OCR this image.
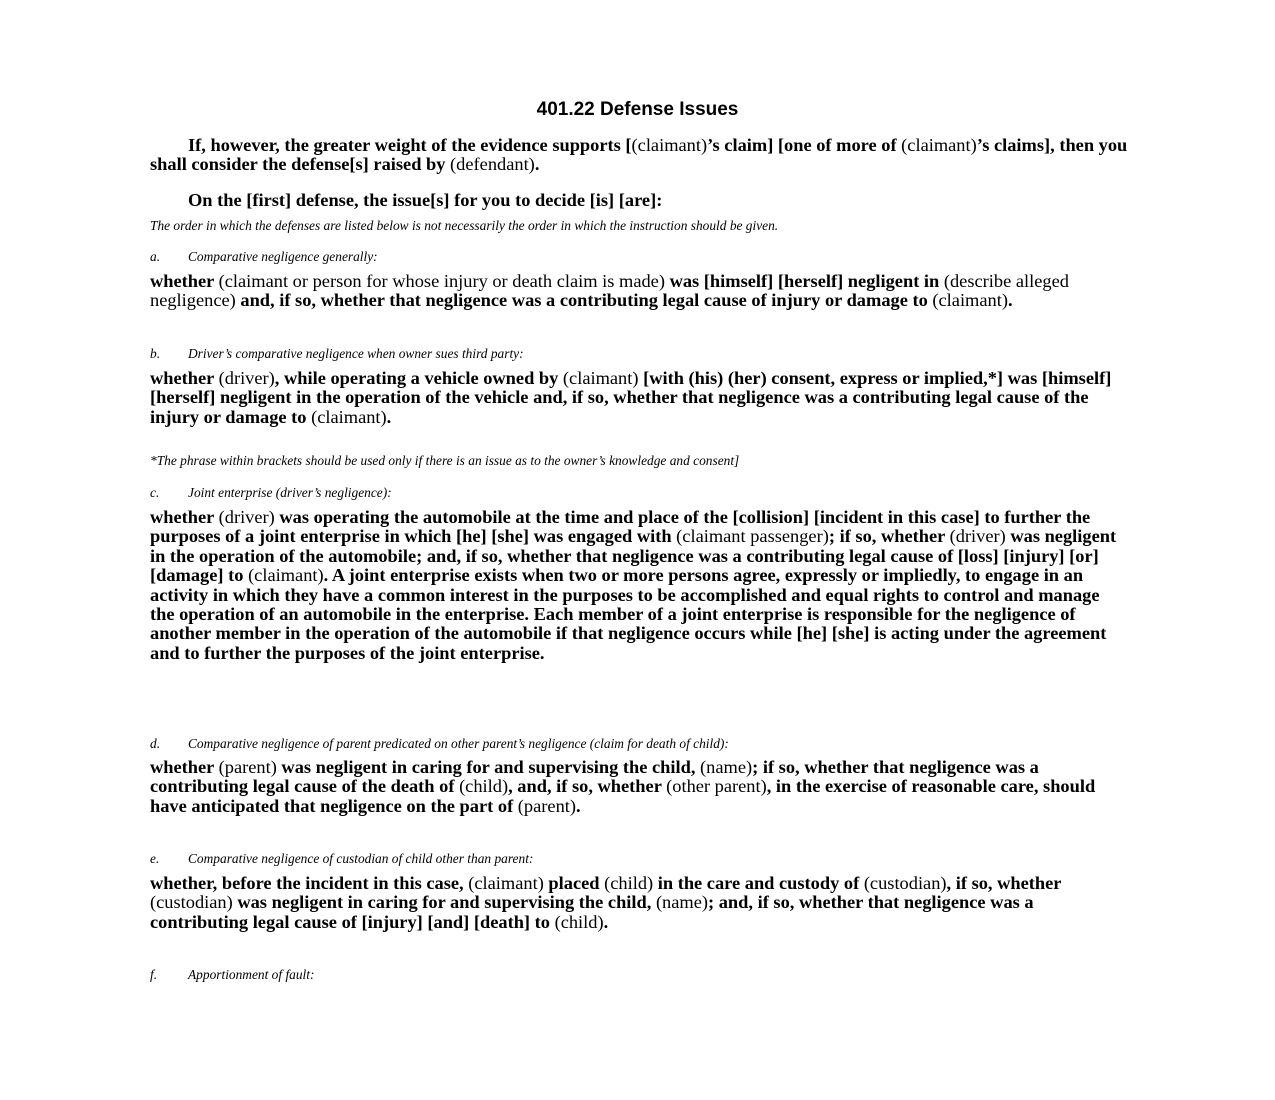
401.22 Defense Issues
If, however, the greater weight of the evidence supports [(claimant)’s claim] [one of more of (claimant)’s claims], then you shall consider the defense[s] raised by (defendant).
On the [first] defense, the issue[s] for you to decide [is] [are]:
The order in which the defenses are listed below is not necessarily the order in which the instruction should be given.
a. Comparative negligence generally:
whether (claimant or person for whose injury or death claim is made) was [himself] [herself] negligent in (describe alleged negligence) and, if so, whether that negligence was a contributing legal cause of injury or damage to (claimant).
b. Driver’s comparative negligence when owner sues third party:
whether (driver), while operating a vehicle owned by (claimant) [with (his) (her) consent, express or implied,*] was [himself] [herself] negligent in the operation of the vehicle and, if so, whether that negligence was a contributing legal cause of the injury or damage to (claimant).
*The phrase within brackets should be used only if there is an issue as to the owner’s knowledge and consent]
c. Joint enterprise (driver’s negligence):
whether (driver) was operating the automobile at the time and place of the [collision] [incident in this case] to further the purposes of a joint enterprise in which [he] [she] was engaged with (claimant passenger); if so, whether (driver) was negligent in the operation of the automobile; and, if so, whether that negligence was a contributing legal cause of [loss] [injury] [or] [damage] to (claimant). A joint enterprise exists when two or more persons agree, expressly or impliedly, to engage in an activity in which they have a common interest in the purposes to be accomplished and equal rights to control and manage the operation of an automobile in the enterprise. Each member of a joint enterprise is responsible for the negligence of another member in the operation of the automobile if that negligence occurs while [he] [she] is acting under the agreement and to further the purposes of the joint enterprise.
d. Comparative negligence of parent predicated on other parent’s negligence (claim for death of child):
whether (parent) was negligent in caring for and supervising the child, (name); if so, whether that negligence was a contributing legal cause of the death of (child), and, if so, whether (other parent), in the exercise of reasonable care, should have anticipated that negligence on the part of (parent).
e. Comparative negligence of custodian of child other than parent:
whether, before the incident in this case, (claimant) placed (child) in the care and custody of (custodian), if so, whether (custodian) was negligent in caring for and supervising the child, (name); and, if so, whether that negligence was a contributing legal cause of [injury] [and] [death] to (child).
f. Apportionment of fault:
